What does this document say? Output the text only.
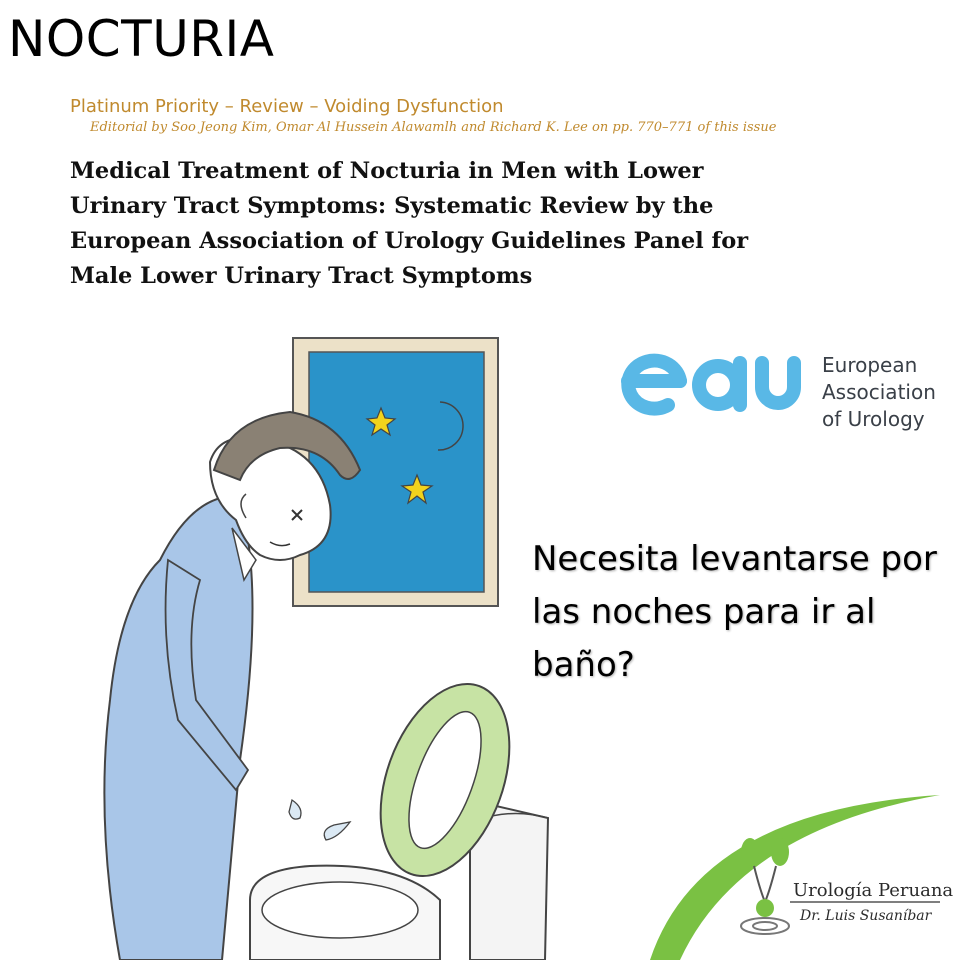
NOCTURIA
Platinum Priority – Review – Voiding Dysfunction
Editorial by Soo Jeong Kim, Omar Al Hussein Alawamlh and Richard K. Lee on pp. 770–771 of this issue
Medical Treatment of Nocturia in Men with Lower Urinary Tract Symptoms: Systematic Review by the European Association of Urology Guidelines Panel for Male Lower Urinary Tract Symptoms
European
Association
of Urology
Necesita levantarse por las noches para ir al baño?
Urología Peruana
Dr. Luis Susaníbar
